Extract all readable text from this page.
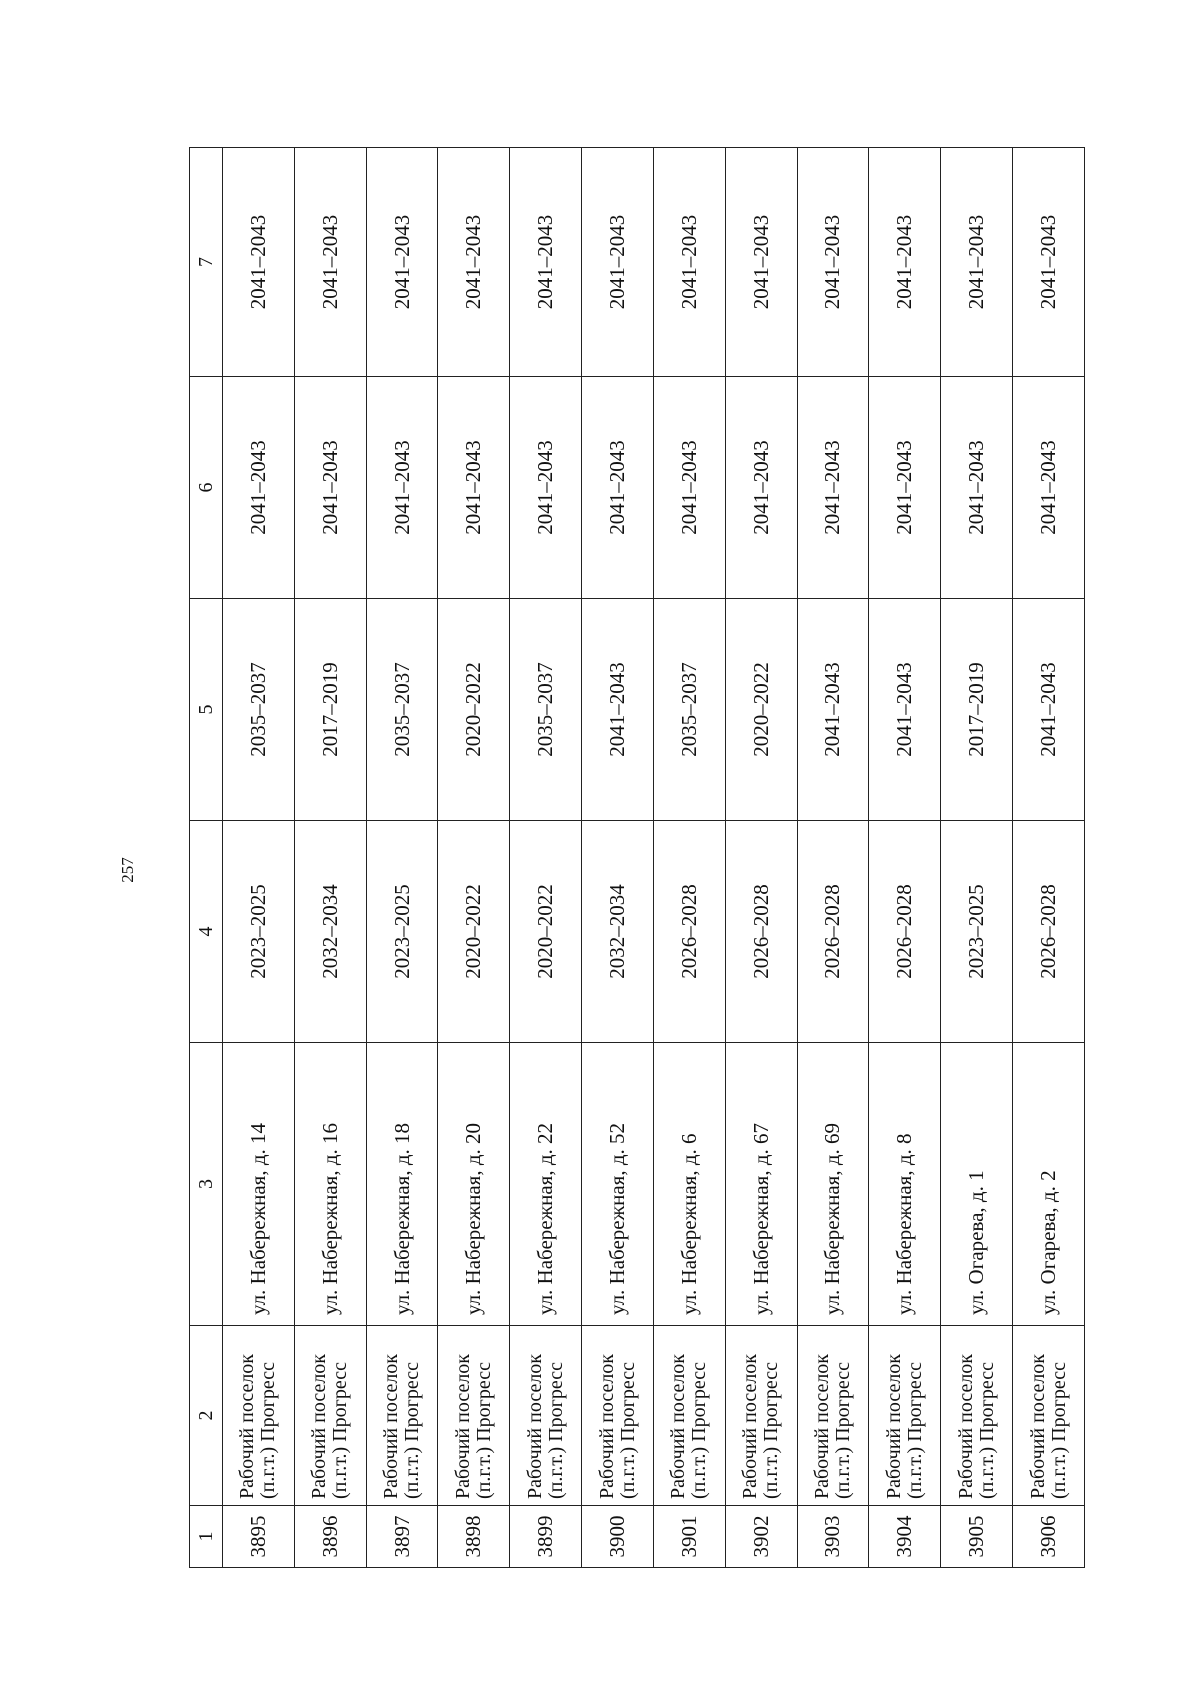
257
1	2	3	4	5	6	7
3895	Рабочий поселок (п.г.т.) Прогресс	ул. Набережная, д. 14	2023–2025	2035–2037	2041–2043	2041–2043
3896	Рабочий поселок (п.г.т.) Прогресс	ул. Набережная, д. 16	2032–2034	2017–2019	2041–2043	2041–2043
3897	Рабочий поселок (п.г.т.) Прогресс	ул. Набережная, д. 18	2023–2025	2035–2037	2041–2043	2041–2043
3898	Рабочий поселок (п.г.т.) Прогресс	ул. Набережная, д. 20	2020–2022	2020–2022	2041–2043	2041–2043
3899	Рабочий поселок (п.г.т.) Прогресс	ул. Набережная, д. 22	2020–2022	2035–2037	2041–2043	2041–2043
3900	Рабочий поселок (п.г.т.) Прогресс	ул. Набережная, д. 52	2032–2034	2041–2043	2041–2043	2041–2043
3901	Рабочий поселок (п.г.т.) Прогресс	ул. Набережная, д. 6	2026–2028	2035–2037	2041–2043	2041–2043
3902	Рабочий поселок (п.г.т.) Прогресс	ул. Набережная, д. 67	2026–2028	2020–2022	2041–2043	2041–2043
3903	Рабочий поселок (п.г.т.) Прогресс	ул. Набережная, д. 69	2026–2028	2041–2043	2041–2043	2041–2043
3904	Рабочий поселок (п.г.т.) Прогресс	ул. Набережная, д. 8	2026–2028	2041–2043	2041–2043	2041–2043
3905	Рабочий поселок (п.г.т.) Прогресс	ул. Огарева, д. 1	2023–2025	2017–2019	2041–2043	2041–2043
3906	Рабочий поселок (п.г.т.) Прогресс	ул. Огарева, д. 2	2026–2028	2041–2043	2041–2043	2041–2043
